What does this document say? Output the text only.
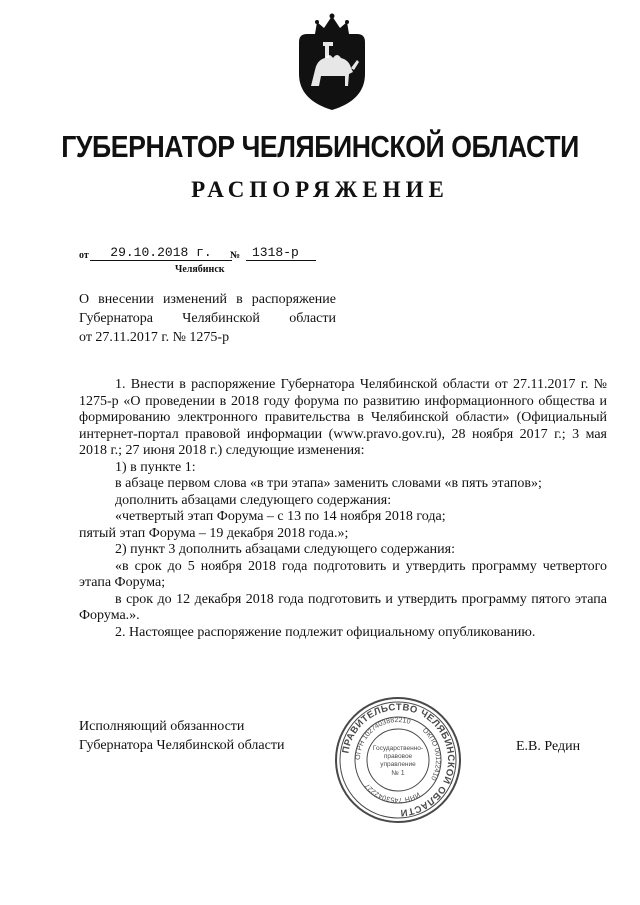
ГУБЕРНАТОР ЧЕЛЯБИНСКОЙ ОБЛАСТИ
РАСПОРЯЖЕНИЕ
от	29.10.2018 г.	№ 1318-р
Челябинск
О внесении изменений в распоряжение
Губернатора Челябинской области
от 27.11.2017 г. № 1275-р
1. Внести в распоряжение Губернатора Челябинской области от 27.11.2017 г. № 1275-р «О проведении в 2018 году форума по развитию информационного общества и формированию электронного правительства в Челябинской области» (Официальный интернет-портал правовой информации (www.pravo.gov.ru), 28 ноября 2017 г.; 3 мая 2018 г.; 27 июня 2018 г.) следующие изменения:
1) в пункте 1:
в абзаце первом слова «в три этапа» заменить словами «в пять этапов»;
дополнить абзацами следующего содержания:
«четвертый этап Форума – с 13 по 14 ноября 2018 года;
пятый этап Форума – 19 декабря 2018 года.»;
2) пункт 3 дополнить абзацами следующего содержания:
«в срок до 5 ноября 2018 года подготовить и утвердить программу четвертого этапа Форума;
в срок до 12 декабря 2018 года подготовить и утвердить программу пятого этапа Форума.».
2. Настоящее распоряжение подлежит официальному опубликованию.
Исполняющий обязанности
Губернатора Челябинской области	Е.В. Редин
ПРАВИТЕЛЬСТВО ЧЕЛЯБИНСКОЙ ОБЛАСТИ
ОГРН 1027403882210
ОКПО 00122410
ИНН 7453042227
Государственно-
правовое
управление
№ 1
